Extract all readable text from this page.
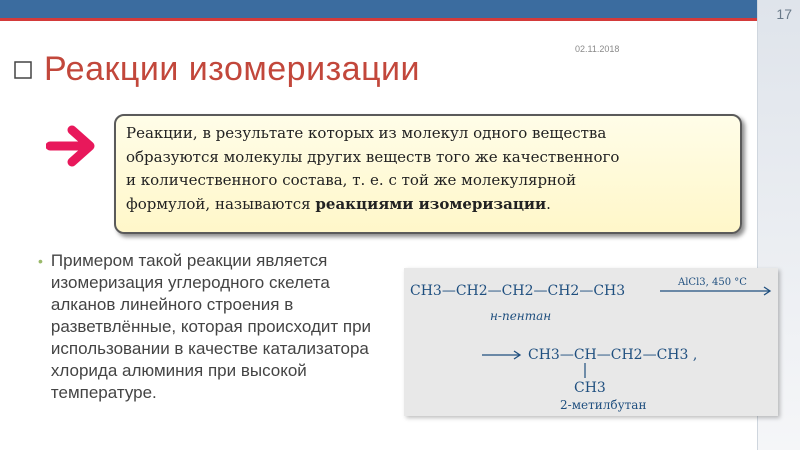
17
02.11.2018
Реакции изомеризации
Реакции, в результате которых из молекул одного вещества
образуются молекулы других веществ того же качественного
и количественного состава, т. е. с той же молекулярной
формулой, называются реакциями изомеризации.
• Примером такой реакции является изомеризация углеродного скелета алканов линейного строения в разветвлённые, которая происходит при использовании в качестве катализатора хлорида алюминия при высокой температуре.
CH3—CH2—CH2—CH2—CH3
AlCl3, 450 °C
н-пентан
CH3—CH—CH2—CH3 ,
CH3
2-метилбутан
